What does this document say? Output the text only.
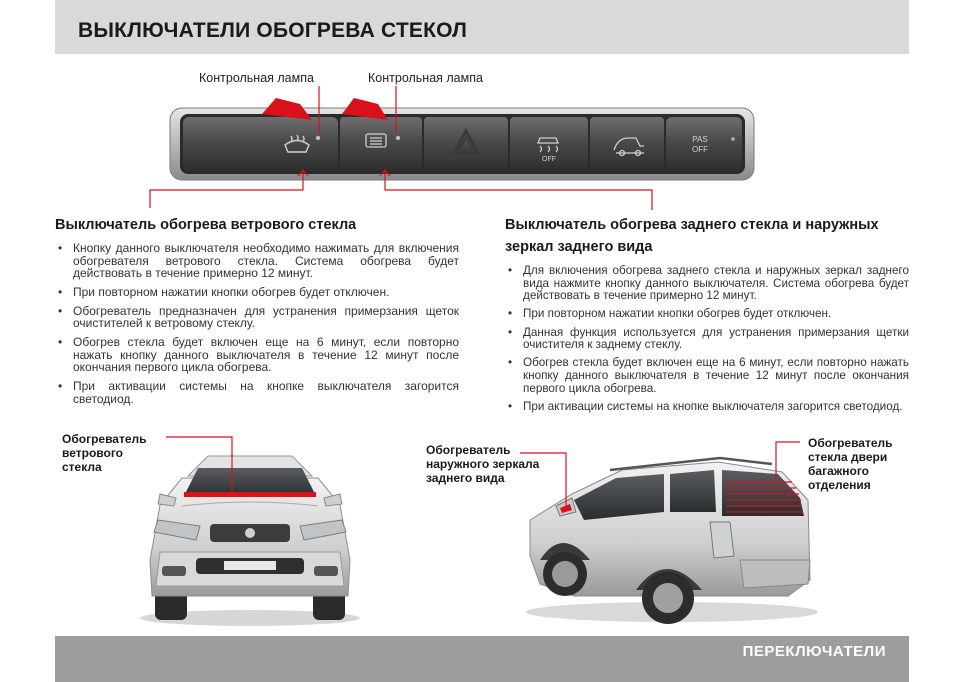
ВЫКЛЮЧАТЕЛИ ОБОГРЕВА СТЕКОЛ
Контрольная лампа	Контрольная лампа
OFF
PAS
OFF
Выключатель обогрева ветрового стекла
• Кнопку данного выключателя необходимо нажимать для включения обогревателя ветрового стекла. Система обогрева будет действовать в течение примерно 12 минут.
• При повторном нажатии кнопки обогрев будет отключен.
• Обогреватель предназначен для устранения примерзания щеток очистителей к ветровому стеклу.
• Обогрев стекла будет включен еще на 6 минут, если повторно нажать кнопку данного выключателя в течение 12 минут после окончания первого цикла обогрева.
• При активации системы на кнопке выключателя загорится светодиод.
Обогреватель
ветрового
стекла
Выключатель обогрева заднего стекла и наружных
зеркал заднего вида
• Для включения обогрева заднего стекла и наружных зеркал заднего вида нажмите кнопку данного выключателя. Система обогрева будет действовать в течение примерно 12 минут.
• При повторном нажатии кнопки обогрев будет отключен.
• Данная функция используется для устранения примерзания щетки очистителя к заднему стеклу.
• Обогрев стекла будет включен еще на 6 минут, если повторно нажать кнопку данного выключателя в течение 12 минут после окончания первого цикла обогрева.
• При активации системы на кнопке выключателя загорится светодиод.
Обогреватель
наружного зеркала
заднего вида
Обогреватель
стекла двери
багажного
отделения
ПЕРЕКЛЮЧАТЕЛИ
